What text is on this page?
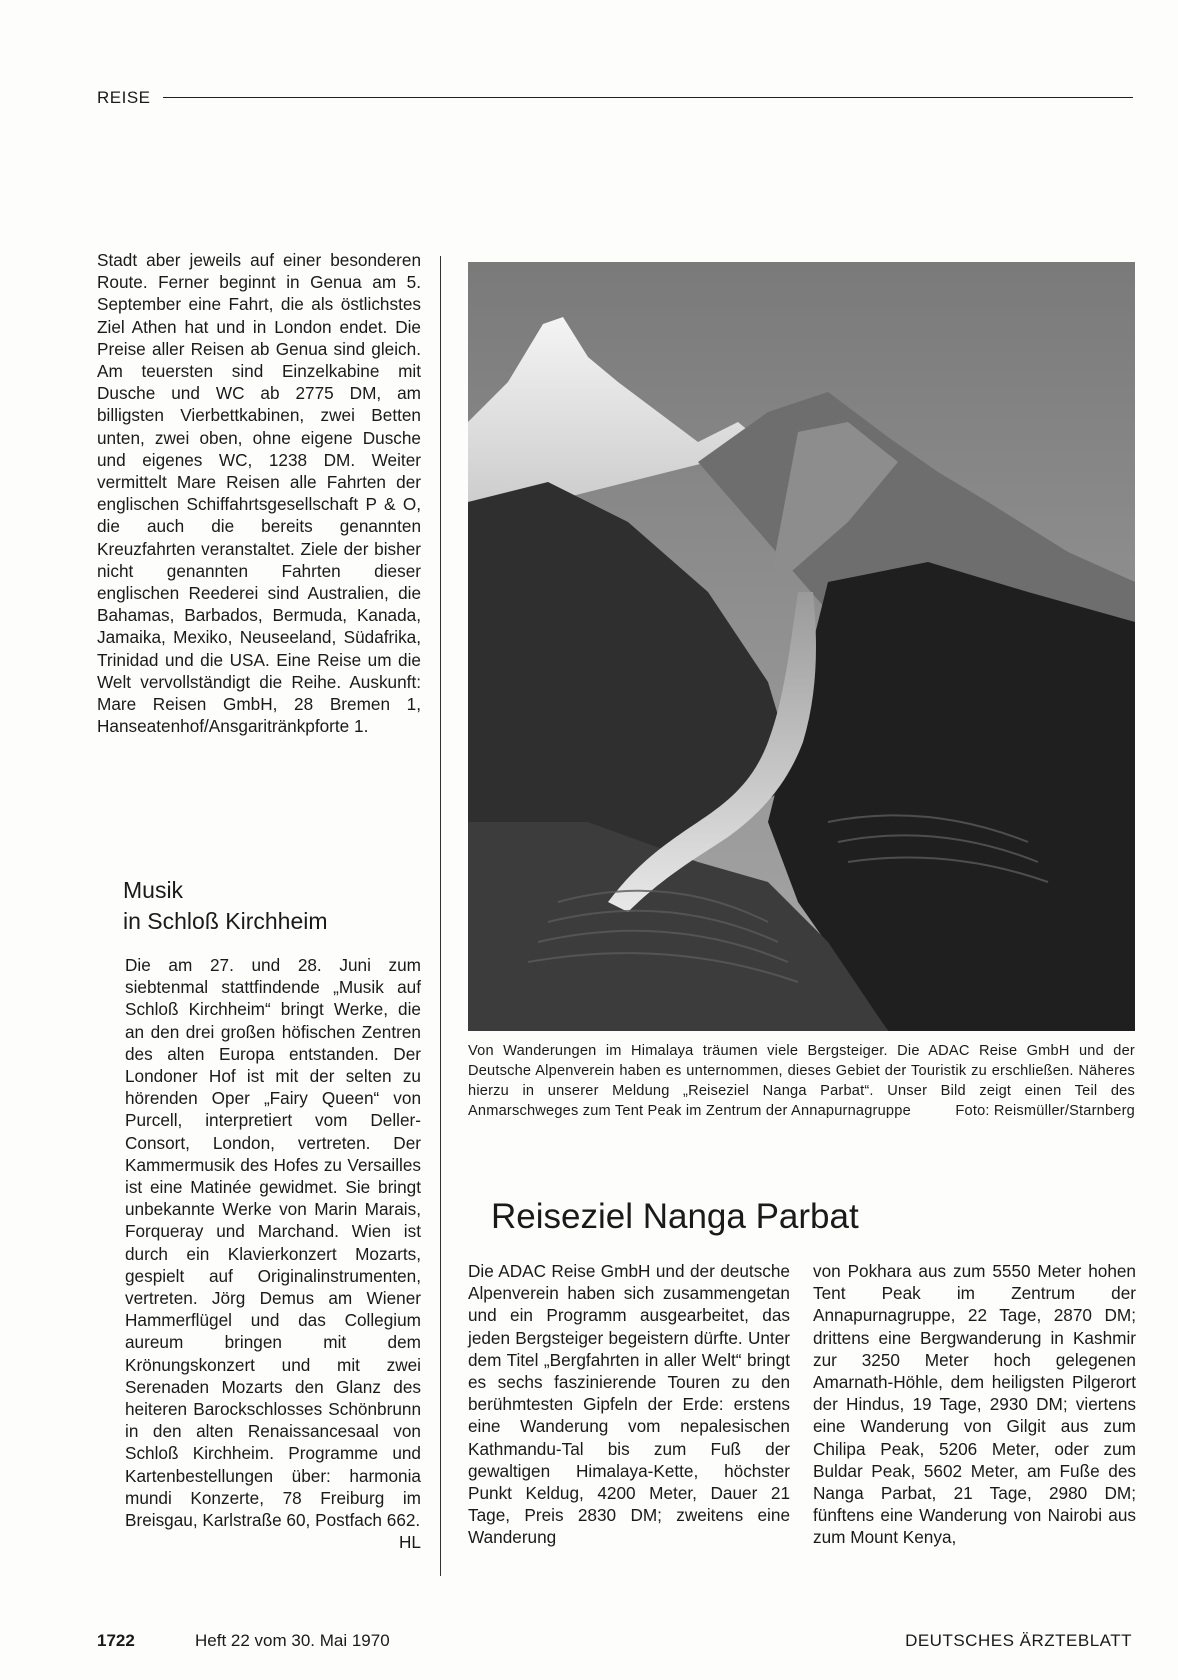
REISE

Stadt aber jeweils auf einer besonderen Route. Ferner beginnt in Genua am 5. September eine Fahrt, die als östlichstes Ziel Athen hat und in London endet. Die Preise aller Reisen ab Genua sind gleich. Am teuersten sind Einzelkabine mit Dusche und WC ab 2775 DM, am billigsten Vierbettkabinen, zwei Betten unten, zwei oben, ohne eigene Dusche und eigenes WC, 1238 DM. Weiter vermittelt Mare Reisen alle Fahrten der englischen Schiffahrtsgesellschaft P & O, die auch die bereits genannten Kreuzfahrten veranstaltet. Ziele der bisher nicht genannten Fahrten dieser englischen Reederei sind Australien, die Bahamas, Barbados, Bermuda, Kanada, Jamaika, Mexiko, Neuseeland, Südafrika, Trinidad und die USA. Eine Reise um die Welt vervollständigt die Reihe. Auskunft: Mare Reisen GmbH, 28 Bremen 1, Hanseatenhof/Ansgaritränkpforte 1.

Musik
in Schloß Kirchheim

Die am 27. und 28. Juni zum siebtenmal stattfindende „Musik auf Schloß Kirchheim“ bringt Werke, die an den drei großen höfischen Zentren des alten Europa entstanden. Der Londoner Hof ist mit der selten zu hörenden Oper „Fairy Queen“ von Purcell, interpretiert vom Deller-Consort, London, vertreten. Der Kammermusik des Hofes zu Versailles ist eine Matinée gewidmet. Sie bringt unbekannte Werke von Marin Marais, Forqueray und Marchand. Wien ist durch ein Klavierkonzert Mozarts, gespielt auf Originalinstrumenten, vertreten. Jörg Demus am Wiener Hammerflügel und das Collegium aureum bringen mit dem Krönungskonzert und mit zwei Serenaden Mozarts den Glanz des heiteren Barockschlosses Schönbrunn in den alten Renaissancesaal von Schloß Kirchheim. Programme und Kartenbestellungen über: harmonia mundi Konzerte, 78 Freiburg im Breisgau, Karlstraße 60, Postfach 662.
HL

Von Wanderungen im Himalaya träumen viele Bergsteiger. Die ADAC Reise GmbH und der Deutsche Alpenverein haben es unternommen, dieses Gebiet der Touristik zu erschließen. Näheres hierzu in unserer Meldung „Reiseziel Nanga Parbat“. Unser Bild zeigt einen Teil des Anmarschweges zum Tent Peak im Zentrum der Annapurnagruppe	Foto: Reismüller/Starnberg

Reiseziel Nanga Parbat

Die ADAC Reise GmbH und der deutsche Alpenverein haben sich zusammengetan und ein Programm ausgearbeitet, das jeden Bergsteiger begeistern dürfte. Unter dem Titel „Bergfahrten in aller Welt“ bringt es sechs faszinierende Touren zu den berühmtesten Gipfeln der Erde: erstens eine Wanderung vom nepalesischen Kathmandu-Tal bis zum Fuß der gewaltigen Himalaya-Kette, höchster Punkt Keldug, 4200 Meter, Dauer 21 Tage, Preis 2830 DM; zweitens eine Wanderung

von Pokhara aus zum 5550 Meter hohen Tent Peak im Zentrum der Annapurnagruppe, 22 Tage, 2870 DM; drittens eine Bergwanderung in Kashmir zur 3250 Meter hoch gelegenen Amarnath-Höhle, dem heiligsten Pilgerort der Hindus, 19 Tage, 2930 DM; viertens eine Wanderung von Gilgit aus zum Chilipa Peak, 5206 Meter, oder zum Buldar Peak, 5602 Meter, am Fuße des Nanga Parbat, 21 Tage, 2980 DM; fünftens eine Wanderung von Nairobi aus zum Mount Kenya,

1722	Heft 22 vom 30. Mai 1970	DEUTSCHES ÄRZTEBLATT
